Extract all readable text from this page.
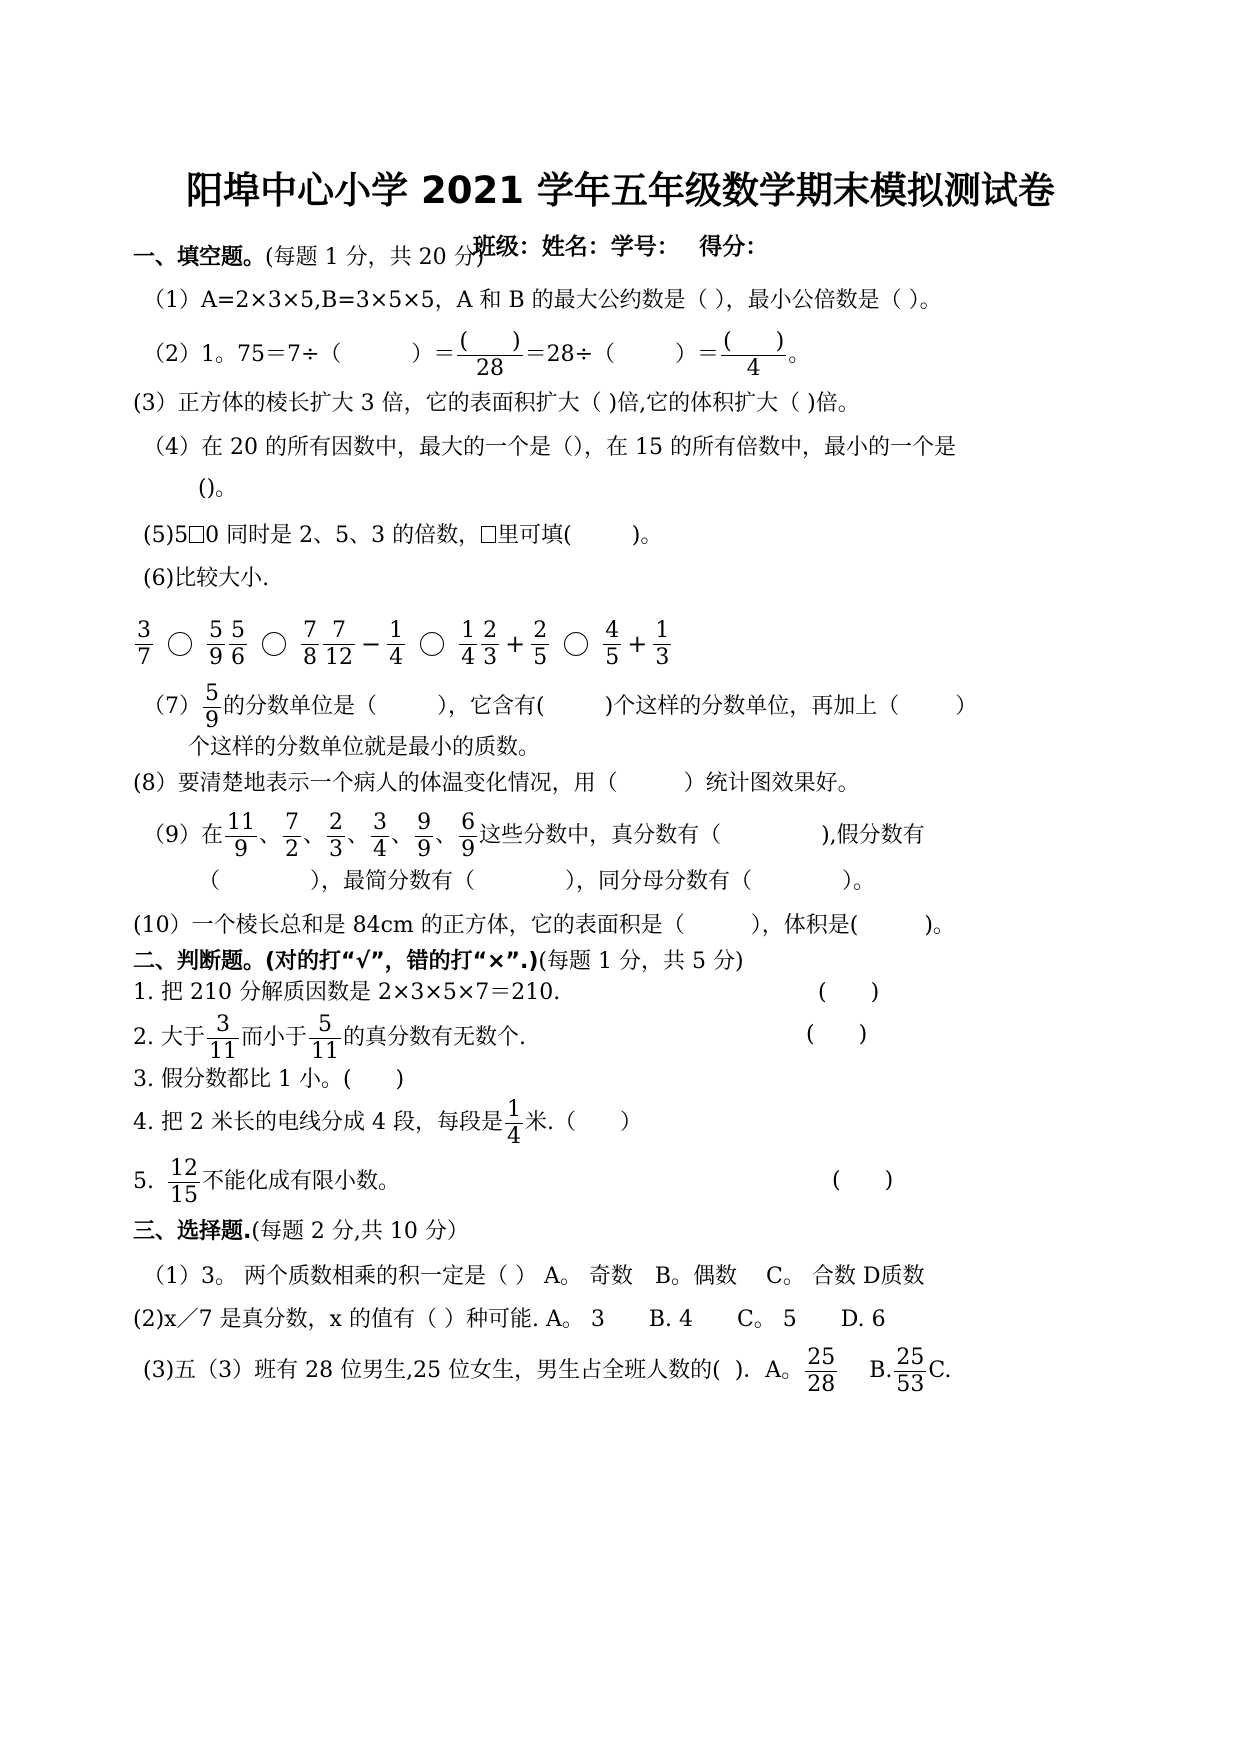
阳埠中心小学 2021 学年五年级数学期末模拟测试卷
班级：姓名：学号：　 得分：
一、填空题。(每题 1 分，共 20 分)
（1）A=2×3×5,B=3×5×5，A 和 B 的最大公约数是（ ），最小公倍数是（ ）。
（2）1。75＝7÷（	）＝ $\frac{( )}{28} =28\div$（	）＝ $\frac{( )}{4}$ 。
(3）正方体的棱长扩大 3 倍，它的表面积扩大（ )倍,它的体积扩大（ )倍。
（4）在 20 的所有因数中，最大的一个是（），在 15 的所有倍数中，最小的一个是
()。
(5)5 0 同时是 2、5、3 的倍数， 里可填(	)。
(6)比较大小.
$\frac{3}{7}$
$\frac{5}{9} \frac{5}{6}$
$\frac{7}{8} \frac{7}{12} - \frac{1}{4}$
$\frac{1}{4} \frac{2}{3} + \frac{2}{5}$
$\frac{4}{5} + \frac{1}{3}$
$(7) \frac{5}{9}$ 的分数单位是（	），它含有(	)个这样的分数单位，再加上（	）
个这样的分数单位就是最小的质数。
(8）要清楚地表示一个病人的体温变化情况，用（　　　）统计图效果好。
（9）在 $\frac{11}{9}$ 、 $\frac{7}{2}$ 、 $\frac{2}{3}$ 、 $\frac{3}{4}$ 、 $\frac{9}{9}$ 、 $\frac{6}{9}$ 这些分数中，真分数有（	),假分数有
（	），最简分数有（	），同分母分数有（	）。
(10）一个棱长总和是 84cm 的正方体，它的表面积是（　　　），体积是(　　　)。
二、判断题。(对的打“√”，错的打“×”.)(每题 1 分，共 5 分)
1. 把 210 分解质因数是 2×3×5×7＝210.	(　　)
2. 大于 $\frac{3}{11}$ 而小于 $\frac{5}{11}$ 的真分数有无数个.	(　　)
3. 假分数都比 1 小。(　　)
4. 把 2 米长的电线分成 4 段，每段是 $\frac{1}{4}$ 米.（　　）
5. $\frac{12}{15}$ 不能化成有限小数。	(　　)
三、选择题.(每题 2 分,共 10 分）
（1）3。 两个质数相乘的积一定是（ ） A。 奇数　B。偶数　 C。 合数 D质数
(2)x／7 是真分数，x 的值有（ ）种可能. A。 3　　B. 4　　C。 5　　D. 6
(3)五（3）班有 28 位男生,25 位女生，男生占全班人数的( )．A。 $\frac{25}{28} B$. $\frac{25}{53} C$.
